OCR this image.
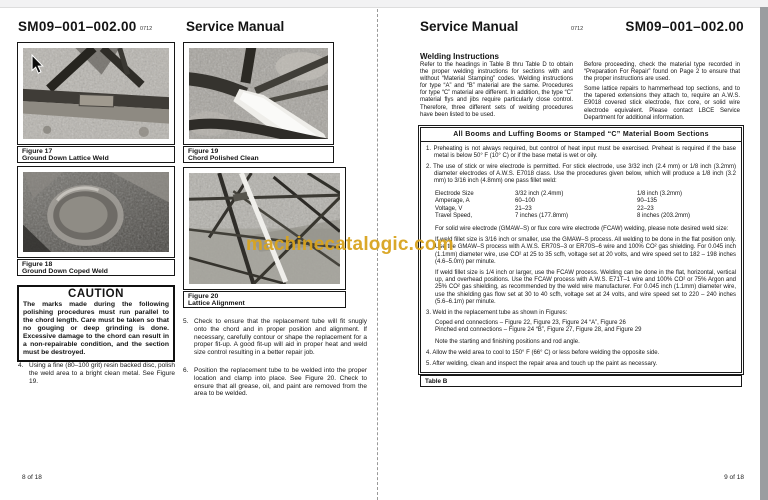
SM09–001–002.00 0712	Service Manual
Figure 17
Ground Down Lattice Weld
Figure 18
Ground Down Coped Weld
CAUTION
The marks made during the following polishing procedures must run parallel to the chord length. Care must be taken so that no gouging or deep grinding is done. Excessive damage to the chord can result in a non-repairable condition, and the section must be destroyed.
4. Using a fine (80–100 grit) resin backed disc, polish the weld area to a bright clean metal. See Figure 19.
Figure 19
Chord Polished Clean
Figure 20
Lattice Alignment
5. Check to ensure that the replacement tube will fit snugly onto the chord and in proper position and alignment. If necessary, carefully contour or shape the replacement for a proper fit-up. A good fit-up will aid in proper heat and weld size control resulting in a better repair job.
6. Position the replacement tube to be welded into the proper location and clamp into place. See Figure 20. Check to ensure that all grease, oil, and paint are removed from the area to be welded.
8 of 18
Service Manual	0712	SM09–001–002.00
Welding Instructions

Refer to the headings in Table B thru Table D to obtain the proper welding instructions for sections with and without “Material Stamping” codes. Welding instructions for type “A” and “B” material are the same. Procedures for type “C” material are different. In addition, the type “C” material flys and jibs require particularly close control. Therefore, three different sets of welding procedures have been listed to be used.

Before proceeding, check the material type recorded in “Preparation For Repair” found on Page 2 to ensure that the proper instructions are used.

Some lattice repairs to hammerhead top sections, and to the tapered extensions they attach to, require an A.W.S. E9018 covered stick electrode, flux core, or solid wire electrode equivalent. Please contact LBCE Service Department for additional information.

All Booms and Luffing Booms or Stamped “C” Material Boom Sections
1. Preheating is not always required, but control of heat input must be exercised. Preheat is required if the base metal is below 50° F (10° C) or if the base metal is wet or oily.
2. The use of stick or wire electrode is permitted. For stick electrode, use 3/32 inch (2.4 mm) or 1/8 inch (3.2mm) diameter electrodes of A.W.S. E7018 class. Use the procedures given below, which will produce a 1/8 inch (3.2 mm) to 3/16 inch (4.8mm) one pass fillet weld:
Electrode Size	3/32 inch (2.4mm)	1/8 inch (3.2mm)
Amperage, A	60–100	90–135
Voltage, V	21–23	22–23
Travel Speed,	7 inches (177.8mm)	8 inches (203.2mm)
For solid wire electrode (GMAW–S) or flux core wire electrode (FCAW) welding, please note desired weld size:
If weld fillet size is 3/16 inch or smaller, use the GMAW–S process. All welding to be done in the flat position only. Use the GMAW–S process with A.W.S. ER70S–3 or ER70S–6 wire and 100% CO² gas shielding. For 0.045 inch (1.1mm) diameter wire, use CO² at 25 to 35 scfh, voltage set at 20 volts, and wire speed set to 182 – 198 inches (4.6–5.0m) per minute.
If weld fillet size is 1/4 inch or larger, use the FCAW process. Welding can be done in the flat, horizontal, vertical up, and overhead positions. Use the FCAW process with A.W.S. E71T–1 wire and 100% CO² or 75% Argon and 25% CO² gas shielding, as recommended by the weld wire manufacturer. For 0.045 inch (1.1mm) diameter wire, use the shielding gas flow set at 30 to 40 scfh, voltage set at 24 volts, and wire speed set to 220 – 240 inches (5.6–6.1m) per minute.
3. Weld in the replacement tube as shown in Figures:
Coped end connections – Figure 22, Figure 23, Figure 24 “A”, Figure 26
Pinched end connections – Figure 24 “B”, Figure 27, Figure 28, and Figure 29
Note the starting and finishing positions and rod angle.
4. Allow the weld area to cool to 150° F (66° C) or less before welding the opposite side.
5. After welding, clean and inspect the repair area and touch up the paint as necessary.
Table B
9 of 18
machinecatalogic.com
